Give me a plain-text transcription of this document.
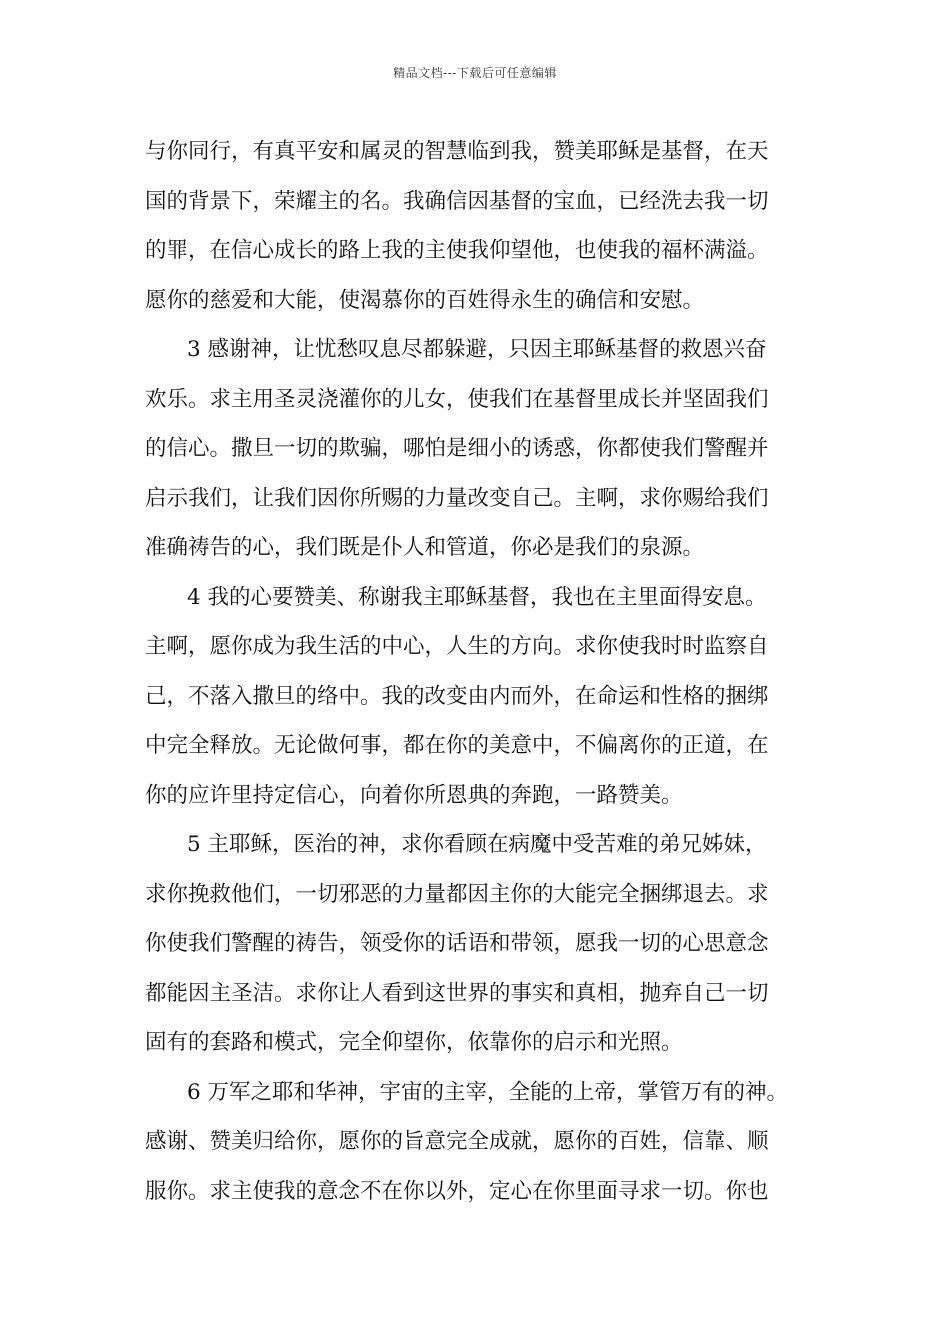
精品文档---下载后可任意编辑
与你同行，有真平安和属灵的智慧临到我，赞美耶稣是基督，在天
国的背景下，荣耀主的名。我确信因基督的宝血，已经洗去我一切
的罪，在信心成长的路上我的主使我仰望他，也使我的福杯满溢。
愿你的慈爱和大能，使渴慕你的百姓得永生的确信和安慰。
3 感谢神，让忧愁叹息尽都躲避，只因主耶稣基督的救恩兴奋
欢乐。求主用圣灵浇灌你的儿女，使我们在基督里成长并坚固我们
的信心。撒旦一切的欺骗，哪怕是细小的诱惑，你都使我们警醒并
启示我们，让我们因你所赐的力量改变自己。主啊，求你赐给我们
准确祷告的心，我们既是仆人和管道，你必是我们的泉源。
4 我的心要赞美、称谢我主耶稣基督，我也在主里面得安息。
主啊，愿你成为我生活的中心，人生的方向。求你使我时时监察自
己，不落入撒旦的络中。我的改变由内而外，在命运和性格的捆绑
中完全释放。无论做何事，都在你的美意中，不偏离你的正道，在
你的应许里持定信心，向着你所恩典的奔跑，一路赞美。
5 主耶稣，医治的神，求你看顾在病魔中受苦难的弟兄姊妹，
求你挽救他们，一切邪恶的力量都因主你的大能完全捆绑退去。求
你使我们警醒的祷告，领受你的话语和带领，愿我一切的心思意念
都能因主圣洁。求你让人看到这世界的事实和真相，抛弃自己一切
固有的套路和模式，完全仰望你，依靠你的启示和光照。
6 万军之耶和华神，宇宙的主宰，全能的上帝，掌管万有的神。
感谢、赞美归给你，愿你的旨意完全成就，愿你的百姓，信靠、顺
服你。求主使我的意念不在你以外，定心在你里面寻求一切。你也
